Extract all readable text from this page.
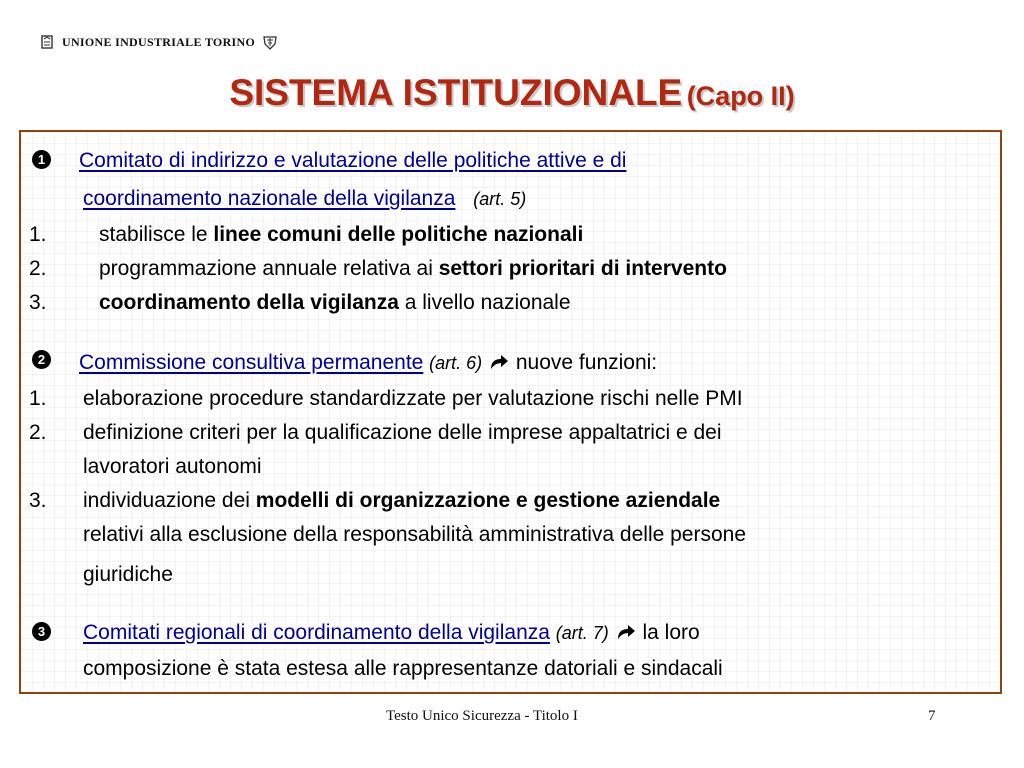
UNIONE INDUSTRIALE TORINO
SISTEMA ISTITUZIONALE (Capo II)
1 Comitato di indirizzo e valutazione delle politiche attive e di
coordinamento nazionale della vigilanza (art. 5)
1. stabilisce le linee comuni delle politiche nazionali
2. programmazione annuale relativa ai settori prioritari di intervento
3. coordinamento della vigilanza a livello nazionale
2 Commissione consultiva permanente (art. 6) nuove funzioni:
1. elaborazione procedure standardizzate per valutazione rischi nelle PMI
2. definizione criteri per la qualificazione delle imprese appaltatrici e dei
lavoratori autonomi
3. individuazione dei modelli di organizzazione e gestione aziendale
relativi alla esclusione della responsabilità amministrativa delle persone
giuridiche
3 Comitati regionali di coordinamento della vigilanza (art. 7) la loro
composizione è stata estesa alle rappresentanze datoriali e sindacali
Testo Unico Sicurezza - Titolo I	7
